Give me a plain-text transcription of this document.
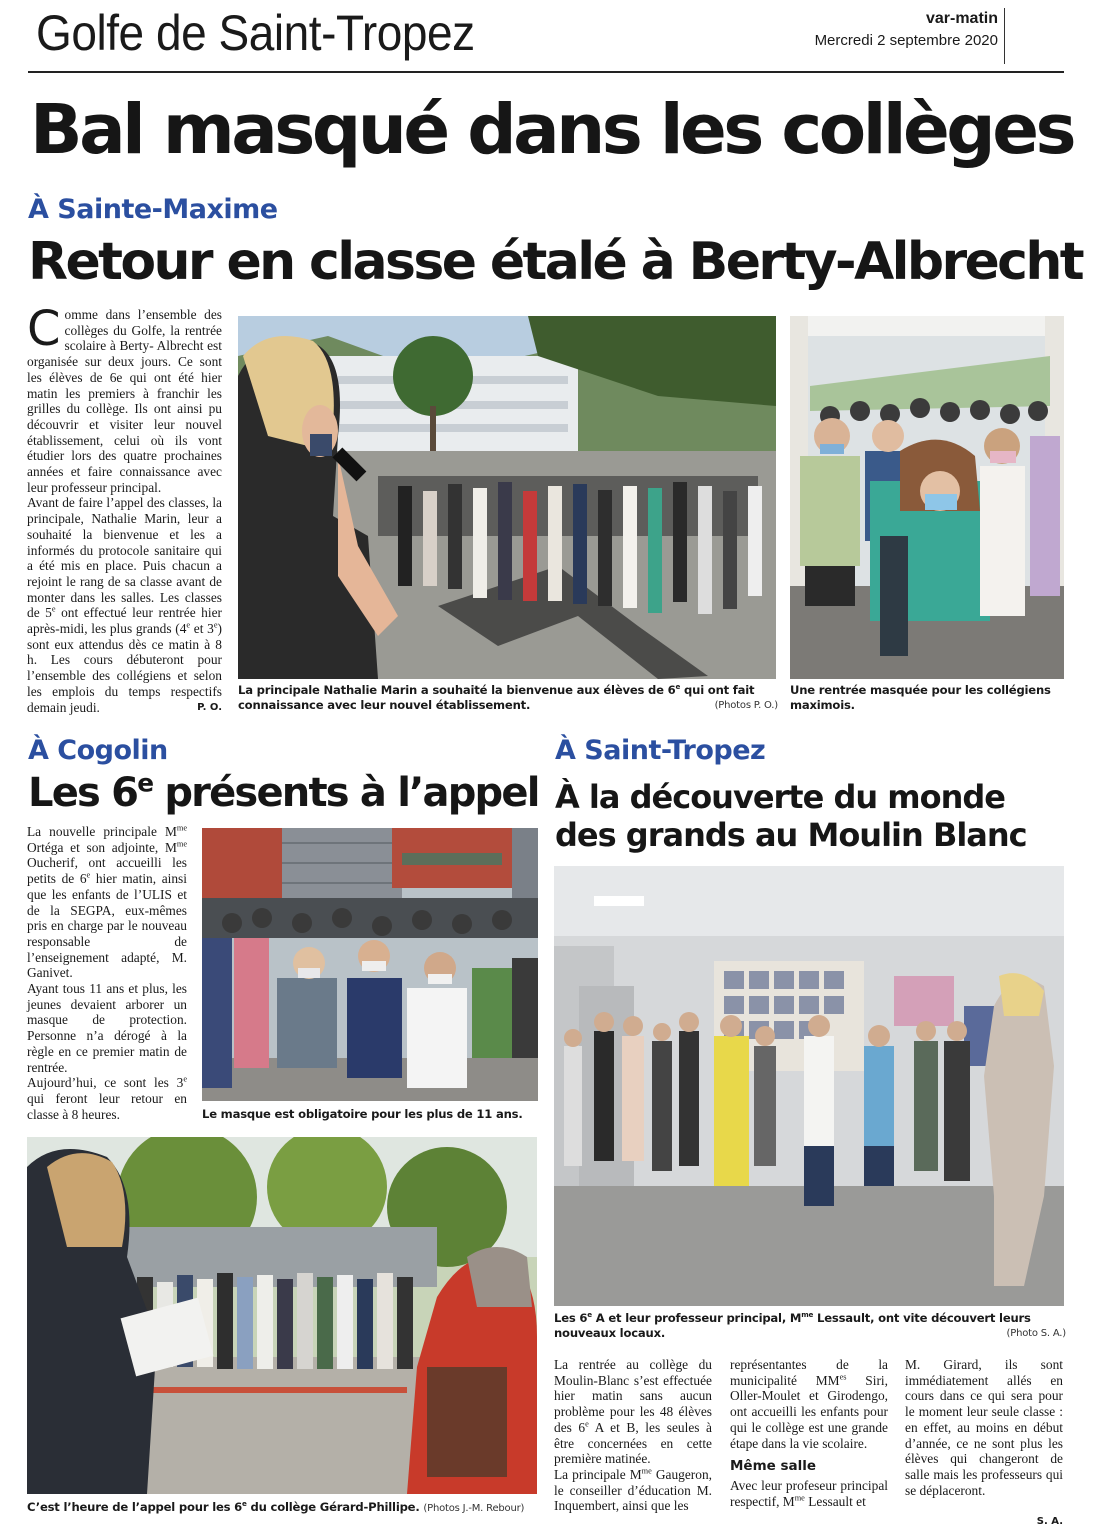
Golfe de Saint-Tropez	var-matin
Mercredi 2 septembre 2020
Bal masqué dans les collèges
À Sainte-Maxime
Retour en classe étalé à Berty-Albrecht

Comme dans l’ensemble des collèges du Golfe, la rentrée scolaire à Berty- Albrecht est organisée sur deux jours. Ce sont les élèves de 6e qui ont été hier matin les premiers à franchir les grilles du collège. Ils ont ainsi pu découvrir et visiter leur nouvel établissement, celui où ils vont étudier lors des quatre prochaines années et faire connaissance avec leur professeur principal.

Avant de faire l’appel des classes, la principale, Nathalie Marin, leur a souhaité la bienvenue et les a informés du protocole sanitaire qui a été mis en place. Puis chacun a rejoint le rang de sa classe avant de monter dans les salles. Les classes de 5e ont effectué leur rentrée hier après-midi, les plus grands (4e et 3e) sont eux attendus dès ce matin à 8 h. Les cours débuteront pour l’ensemble des collégiens et selon les emplois du temps respectifs demain jeudi.	P. O.

La principale Nathalie Marin a souhaité la bienvenue aux élèves de 6e qui ont fait connaissance avec leur nouvel établissement.	(Photos P. O.)
Une rentrée masquée pour les collégiens maximois.
À Cogolin
Les 6e présents à l’appel

La nouvelle principale $M^{me}$ Ortéga et son adjointe, $M^{me}$ Oucherif, ont accueilli les petits de 6e hier matin, ainsi que les enfants de l’ULIS et de la SEGPA, eux-mêmes pris en charge par le nouveau responsable de l’enseignement adapté, M. Ganivet.

Ayant tous 11 ans et plus, les jeunes devaient arborer un masque de protection. Personne n’a dérogé à la règle en ce premier matin de rentrée.

Aujourd’hui, ce sont les 3e qui feront leur retour en classe à 8 heures.	Le masque est obligatoire pour les plus de 11 ans.
C’est l’heure de l’appel pour les 6e du collège Gérard-Phillipe. (Photos J.-M. Rebour)
À Saint-Tropez
À la découverte du monde
des grands au Moulin Blanc
Les 6e A et leur professeur principal, $M^{me}$ Lessault, ont vite découvert leurs nouveaux locaux.	(Photo S. A.)

La rentrée au collège du Moulin-Blanc s’est effectuée hier matin sans aucun problème pour les 48 élèves des 6e A et B, les seules à être concernées en cette première matinée.

La principale $M^{me}$ Gaugeron, le conseiller d’éducation M. Inquembert, ainsi que les

représentantes de la municipalité $MM^{es}$ Siri, Oller-Moulet et Girodengo, ont accueilli les enfants pour qui le collège est une grande étape dans la vie scolaire.

Même salle

Avec leur profeseur principal respectif, $M^{me}$ Lessault et

M. Girard, ils sont immédiatement allés en cours dans ce qui sera pour le moment leur seule classe : en effet, au moins en début d’année, ce ne sont plus les élèves qui changeront de salle mais les professeurs qui se déplaceront.

S. A.
